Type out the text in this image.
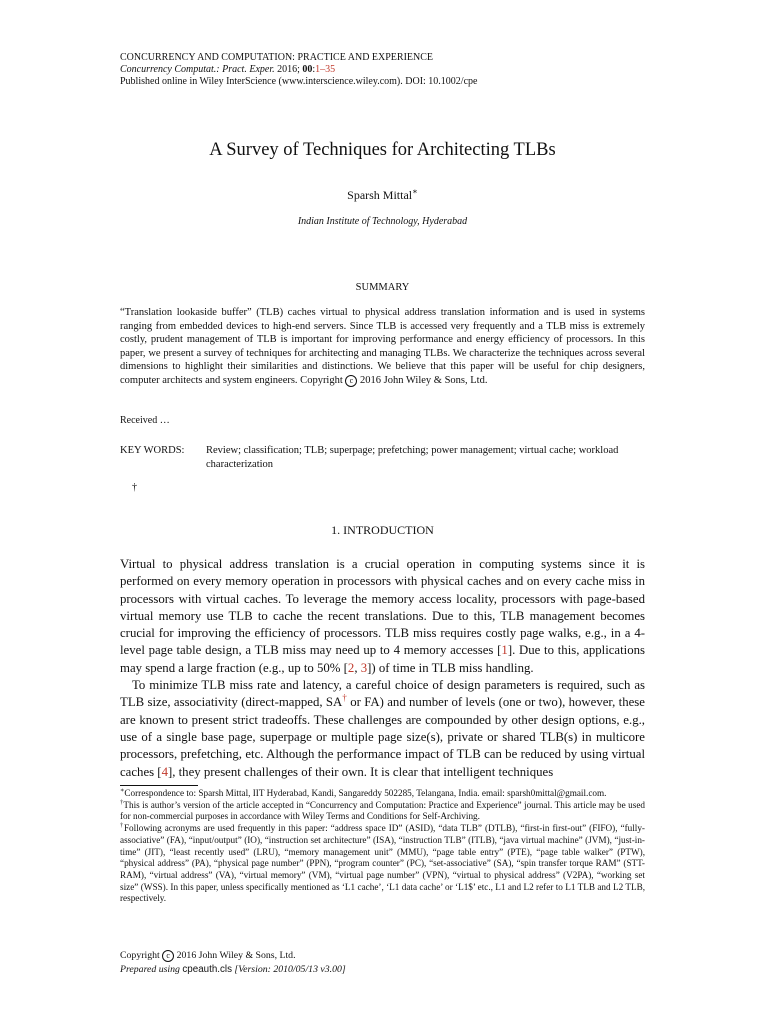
CONCURRENCY AND COMPUTATION: PRACTICE AND EXPERIENCE
Concurrency Computat.: Pract. Exper. 2016; 00:1–35
Published online in Wiley InterScience (www.interscience.wiley.com). DOI: 10.1002/cpe
A Survey of Techniques for Architecting TLBs
Sparsh Mittal∗
Indian Institute of Technology, Hyderabad
SUMMARY
“Translation lookaside buffer” (TLB) caches virtual to physical address translation information and is used in systems ranging from embedded devices to high-end servers. Since TLB is accessed very frequently and a TLB miss is extremely costly, prudent management of TLB is important for improving performance and energy efficiency of processors. In this paper, we present a survey of techniques for architecting and managing TLBs. We characterize the techniques across several dimensions to highlight their similarities and distinctions. We believe that this paper will be useful for chip designers, computer architects and system engineers. Copyright c 2016 John Wiley & Sons, Ltd.
Received …
KEY WORDS:	Review; classification; TLB; superpage; prefetching; power management; virtual cache; workload characterization
†
1. INTRODUCTION

Virtual to physical address translation is a crucial operation in computing systems since it is performed on every memory operation in processors with physical caches and on every cache miss in processors with virtual caches. To leverage the memory access locality, processors with page-based virtual memory use TLB to cache the recent translations. Due to this, TLB management becomes crucial for improving the efficiency of processors. TLB miss requires costly page walks, e.g., in a 4-level page table design, a TLB miss may need up to 4 memory accesses [1]. Due to this, applications may spend a large fraction (e.g., up to 50% [2, 3]) of time in TLB miss handling.

To minimize TLB miss rate and latency, a careful choice of design parameters is required, such as TLB size, associativity (direct-mapped, SA† or FA) and number of levels (one or two), however, these are known to present strict tradeoffs. These challenges are compounded by other design options, e.g., use of a single base page, superpage or multiple page size(s), private or shared TLB(s) in multicore processors, prefetching, etc. Although the performance impact of TLB can be reduced by using virtual caches [4], they present challenges of their own. It is clear that intelligent techniques

∗Correspondence to: Sparsh Mittal, IIT Hyderabad, Kandi, Sangareddy 502285, Telangana, India. email: sparsh0mittal@gmail.com.

†This is author’s version of the article accepted in “Concurrency and Computation: Practice and Experience” journal. This article may be used for non-commercial purposes in accordance with Wiley Terms and Conditions for Self-Archiving.

†Following acronyms are used frequently in this paper: “address space ID” (ASID), “data TLB” (DTLB), “first-in first-out” (FIFO), “fully-associative” (FA), “input/output” (IO), “instruction set architecture” (ISA), “instruction TLB” (ITLB), “java virtual machine” (JVM), “just-in-time” (JIT), “least recently used” (LRU), “memory management unit” (MMU), “page table entry” (PTE), “page table walker” (PTW), “physical address” (PA), “physical page number” (PPN), “program counter” (PC), “set-associative” (SA), “spin transfer torque RAM” (STT-RAM), “virtual address” (VA), “virtual memory” (VM), “virtual page number” (VPN), “virtual to physical address” (V2PA), “working set size” (WSS). In this paper, unless specifically mentioned as ‘L1 cache’, ‘L1 data cache’ or ‘L1$’ etc., L1 and L2 refer to L1 TLB and L2 TLB, respectively.

Copyright c 2016 John Wiley & Sons, Ltd.
Prepared using cpeauth.cls [Version: 2010/05/13 v3.00]
